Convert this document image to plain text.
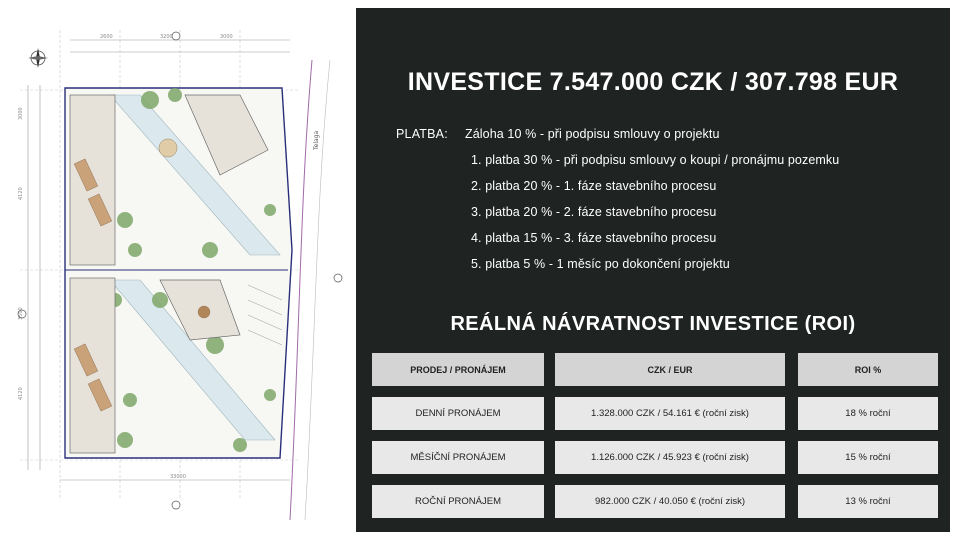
3000
4120
3500
4120
2600	3200	3000
33000
Telaga
INVESTICE 7.547.000 CZK / 307.798 EUR
PLATBA: Záloha 10 % - při podpisu smlouvy o projektu
1. platba 30 % - při podpisu smlouvy o koupi / pronájmu pozemku
2. platba 20 % - 1. fáze stavebního procesu
3. platba 20 % - 2. fáze stavebního procesu
4. platba 15 % - 3. fáze stavebního procesu
5. platba 5 % - 1 měsíc po dokončení projektu
REÁLNÁ NÁVRATNOST INVESTICE (ROI)
PRODEJ / PRONÁJEM	CZK / EUR	ROI %
DENNÍ PRONÁJEM	1.328.000 CZK / 54.161 € (roční zisk)	18 % roční
MĚSÍČNÍ PRONÁJEM	1.126.000 CZK / 45.923 € (roční zisk)	15 % roční
ROČNÍ PRONÁJEM	982.000 CZK / 40.050 € (roční zisk)	13 % roční
